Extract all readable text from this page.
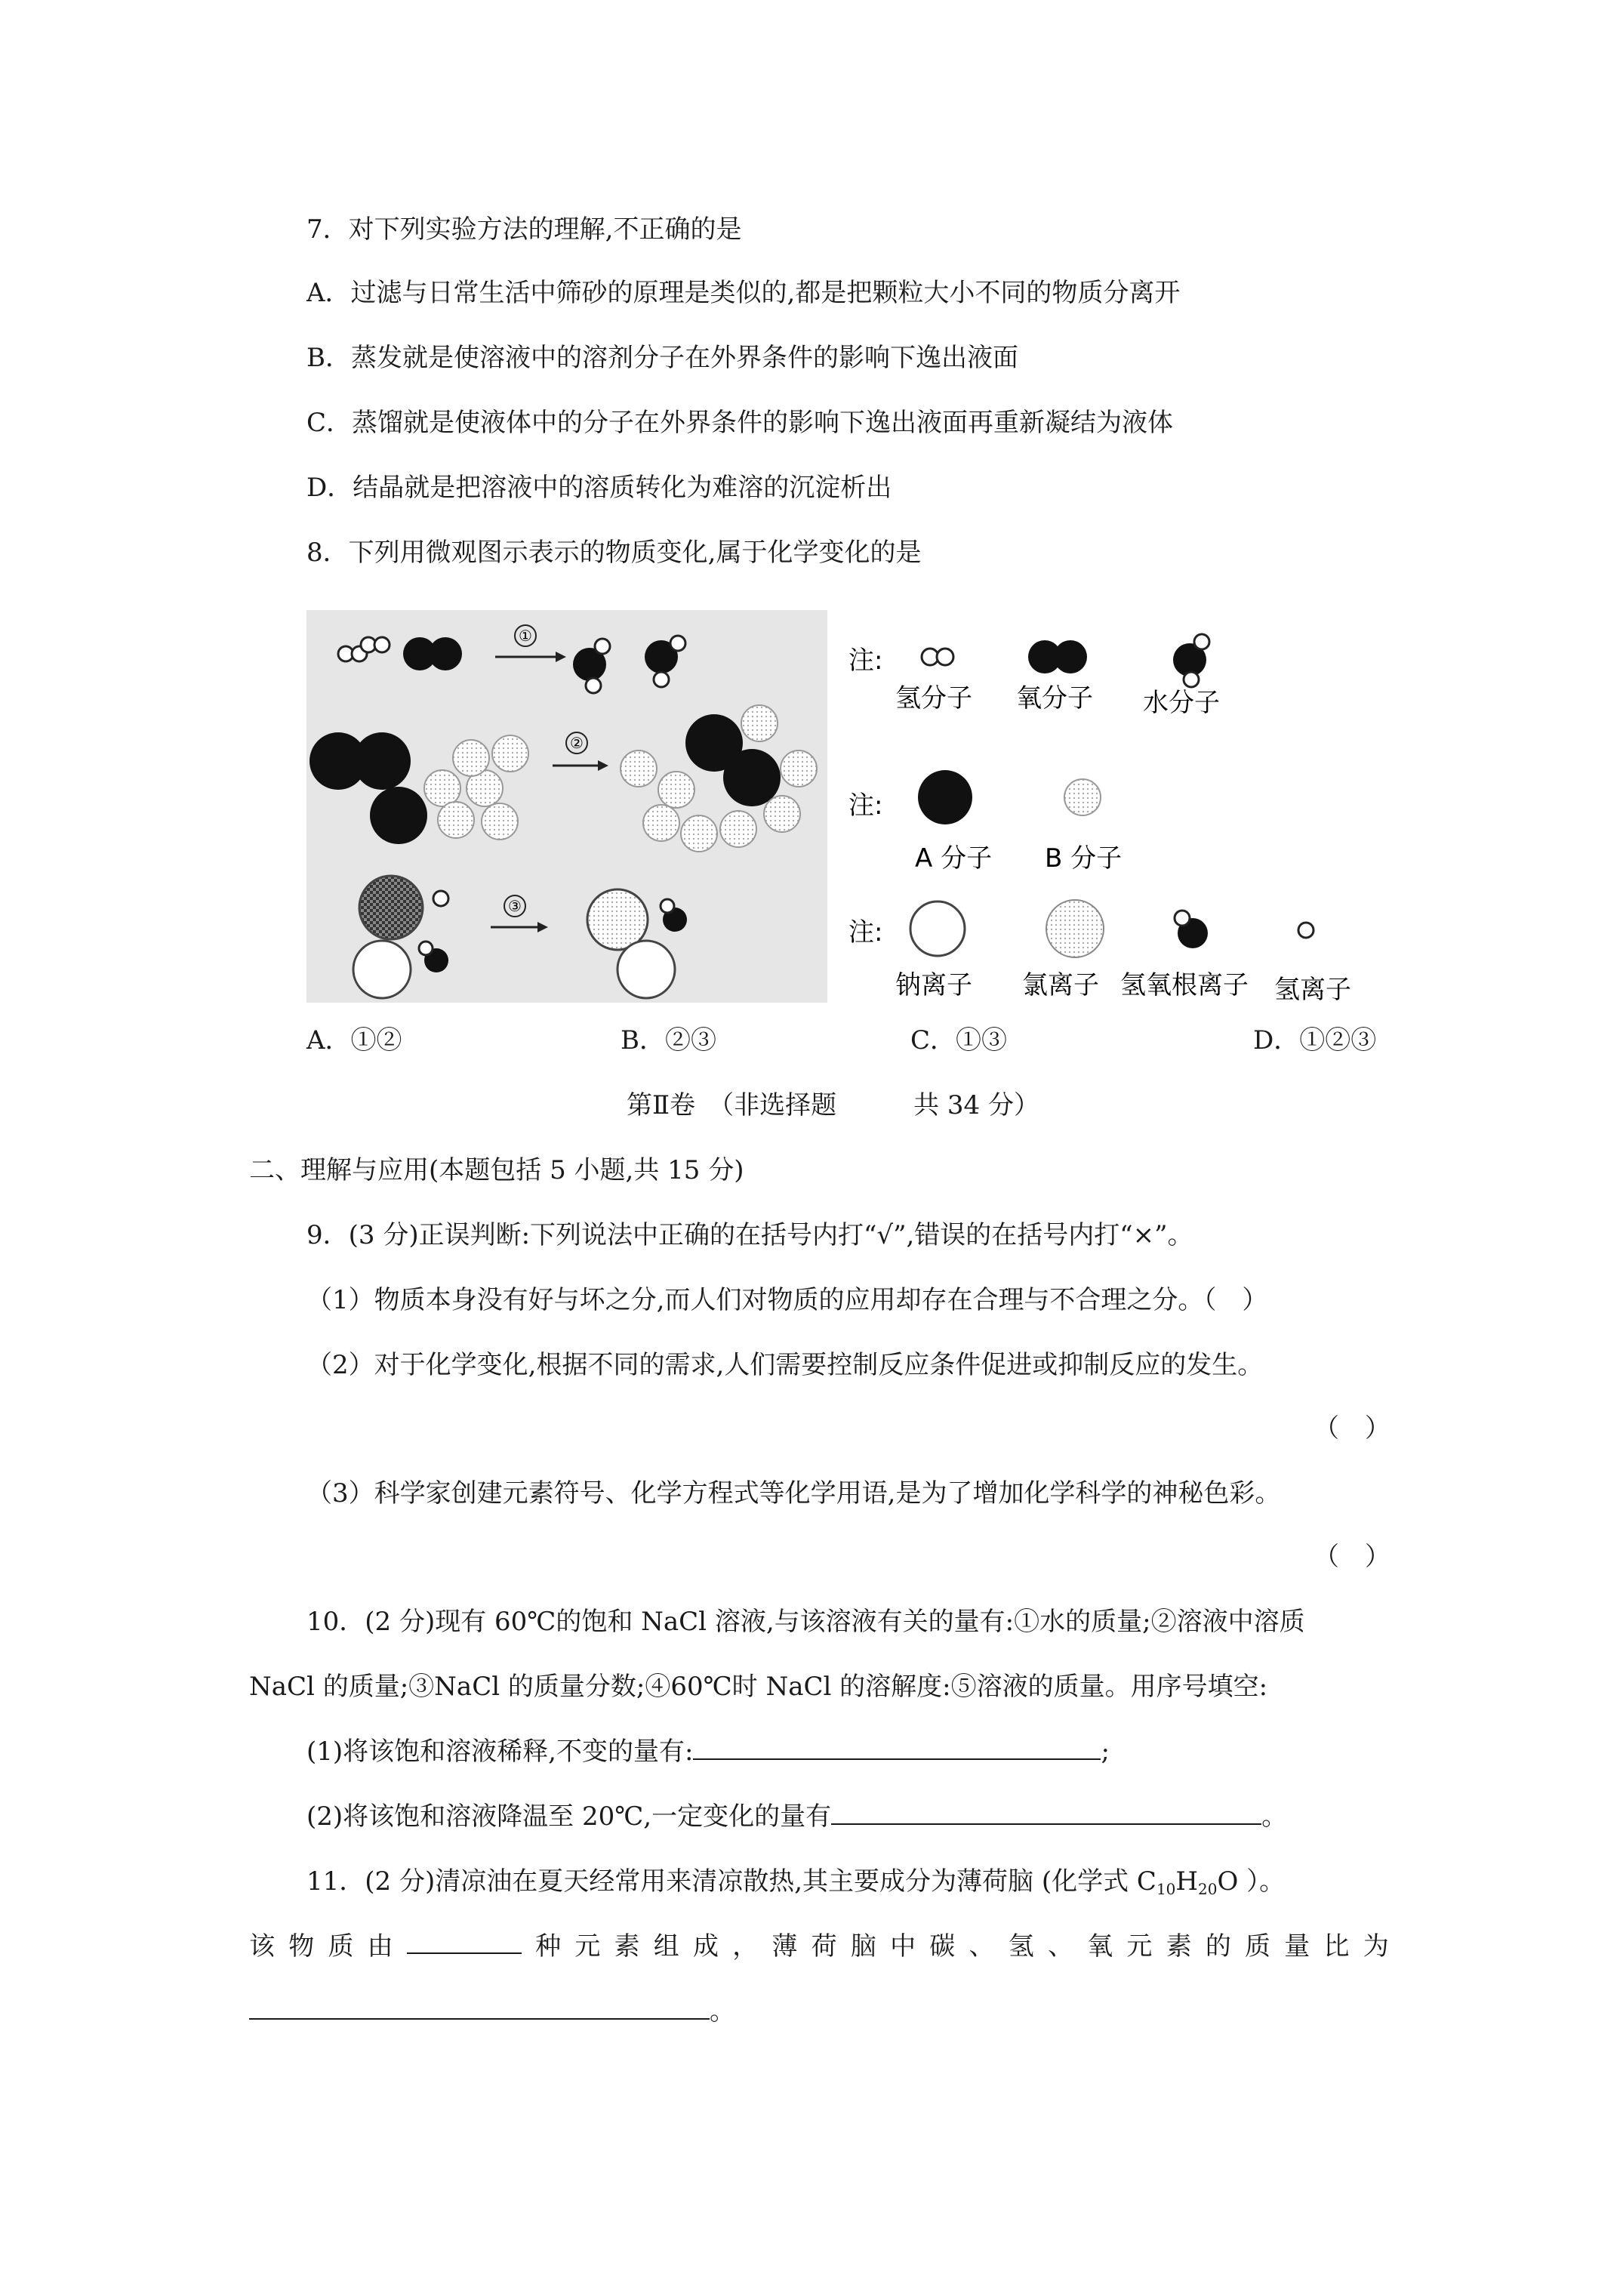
7．对下列实验方法的理解,不正确的是
A．过滤与日常生活中筛砂的原理是类似的,都是把颗粒大小不同的物质分离开
B．蒸发就是使溶液中的溶剂分子在外界条件的影响下逸出液面
C．蒸馏就是使液体中的分子在外界条件的影响下逸出液面再重新凝结为液体
D．结晶就是把溶液中的溶质转化为难溶的沉淀析出
8．下列用微观图示表示的物质变化,属于化学变化的是
①
②
③
注:
氢分子 氧分子 水分子
注:
A 分子 B 分子
注:
钠离子 氯离子 氢氧根离子 氢离子
A．①②	B．②③	C．①③	D．①②③
第Ⅱ卷　（非选择题　　　共 34 分）
二、理解与应用(本题包括 5 小题,共 15 分)
9．(3 分)正误判断:下列说法中正确的在括号内打“√”,错误的在括号内打“×”。
（1）物质本身没有好与坏之分,而人们对物质的应用却存在合理与不合理之分。（　）
（2）对于化学变化,根据不同的需求,人们需要控制反应条件促进或抑制反应的发生。
（　）
（3）科学家创建元素符号、化学方程式等化学用语,是为了增加化学科学的神秘色彩。
（　）
10．(2 分)现有 60℃的饱和 NaCl 溶液,与该溶液有关的量有:①水的质量;②溶液中溶质
NaCl 的质量;③NaCl 的质量分数;④60℃时 NaCl 的溶解度:⑤溶液的质量。用序号填空:
(1)将该饱和溶液稀释,不变的量有:	;
(2)将该饱和溶液降温至 20℃,一定变化的量有	。
11．(2 分)清凉油在夏天经常用来清凉散热,其主要成分为薄荷脑 (化学式 $C_{10}H_{20}O$ ）。
该 物 质 由	种 元 素 组 成 ， 薄 荷 脑 中 碳 、 氢 、 氧 元 素 的 质 量 比 为
。
